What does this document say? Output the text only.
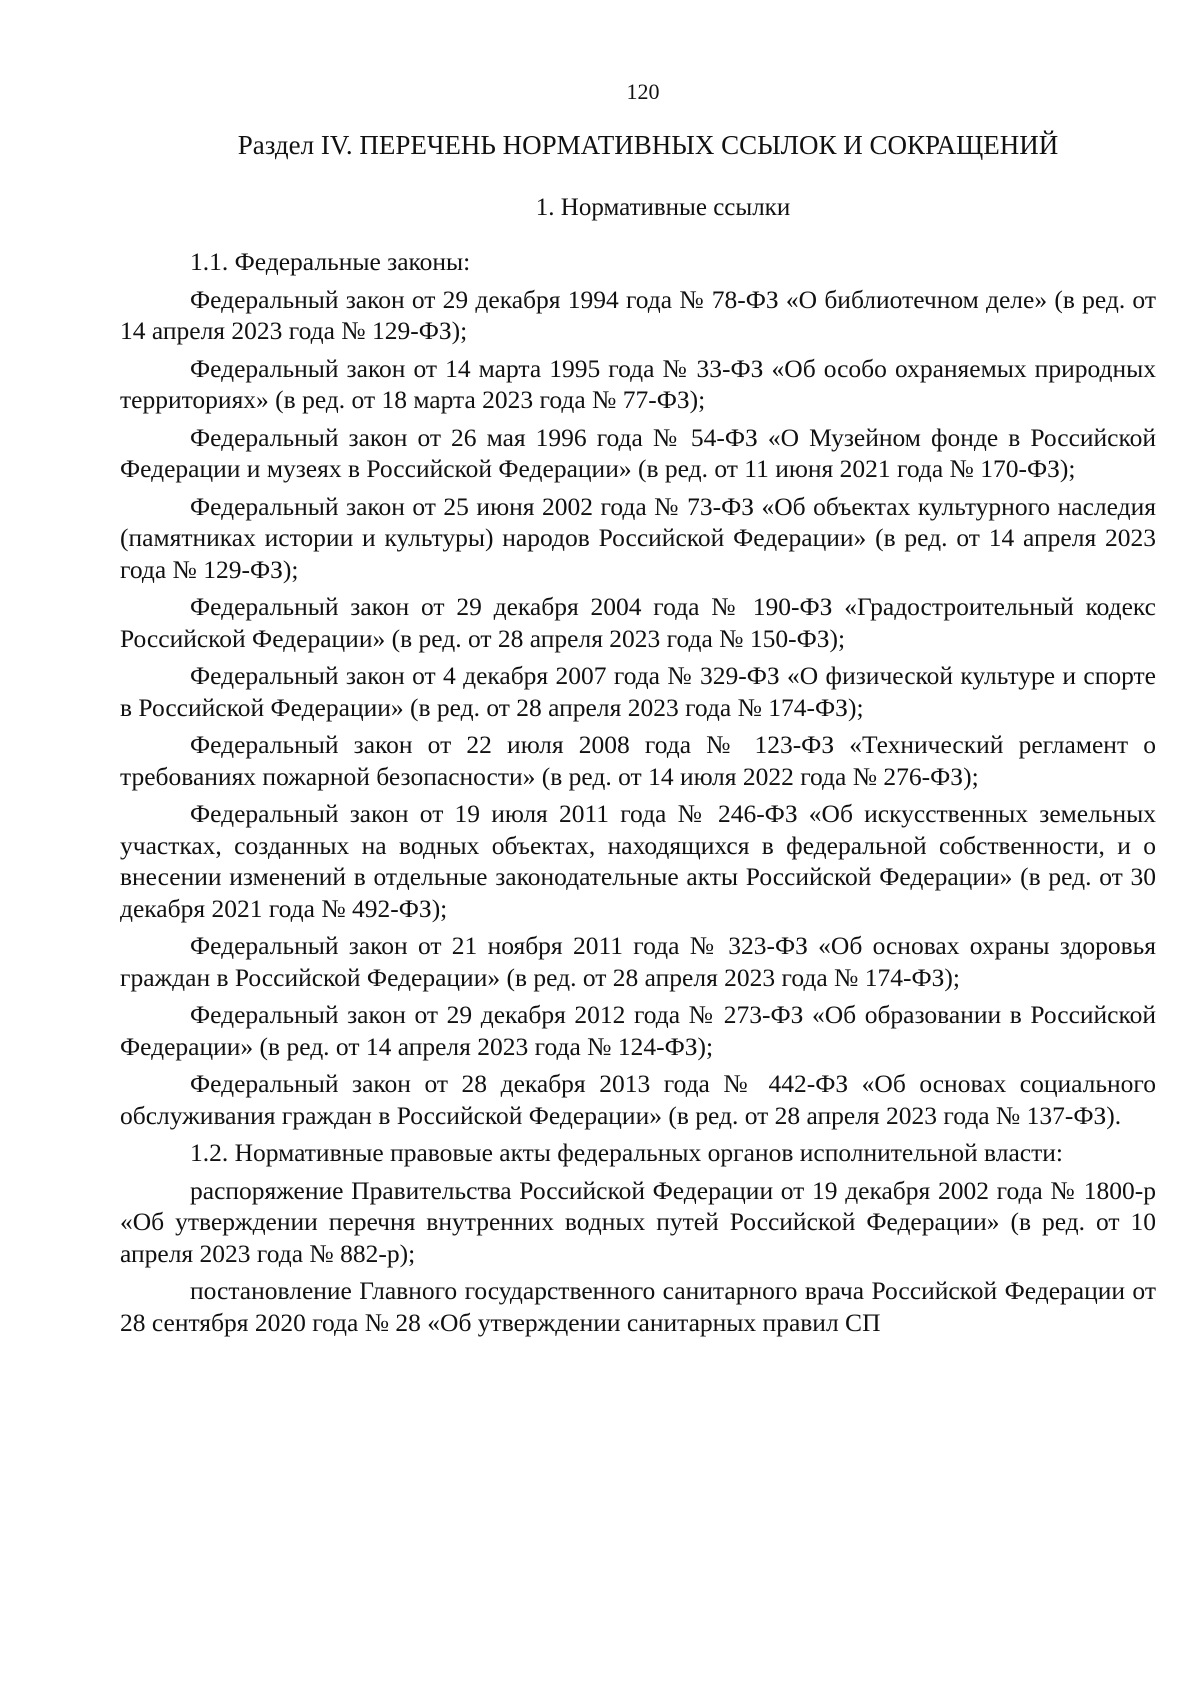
120
Раздел IV. ПЕРЕЧЕНЬ НОРМАТИВНЫХ ССЫЛОК И СОКРАЩЕНИЙ
1. Нормативные ссылки

1.1. Федеральные законы:

Федеральный закон от 29 декабря 1994 года № 78-ФЗ «О библиотечном деле» (в ред. от 14 апреля 2023 года № 129-ФЗ);

Федеральный закон от 14 марта 1995 года № 33-ФЗ «Об особо охраняемых природных территориях» (в ред. от 18 марта 2023 года № 77-ФЗ);

Федеральный закон от 26 мая 1996 года № 54-ФЗ «О Музейном фонде в Российской Федерации и музеях в Российской Федерации» (в ред. от 11 июня 2021 года № 170-ФЗ);

Федеральный закон от 25 июня 2002 года № 73-ФЗ «Об объектах культурного наследия (памятниках истории и культуры) народов Российской Федерации» (в ред. от 14 апреля 2023 года № 129-ФЗ);

Федеральный закон от 29 декабря 2004 года № 190-ФЗ «Градостроительный кодекс Российской Федерации» (в ред. от 28 апреля 2023 года № 150-ФЗ);

Федеральный закон от 4 декабря 2007 года № 329-ФЗ «О физической культуре и спорте в Российской Федерации» (в ред. от 28 апреля 2023 года № 174-ФЗ);

Федеральный закон от 22 июля 2008 года № 123-ФЗ «Технический регламент о требованиях пожарной безопасности» (в ред. от 14 июля 2022 года № 276-ФЗ);

Федеральный закон от 19 июля 2011 года № 246-ФЗ «Об искусственных земельных участках, созданных на водных объектах, находящихся в федеральной собственности, и о внесении изменений в отдельные законодательные акты Российской Федерации» (в ред. от 30 декабря 2021 года № 492-ФЗ);

Федеральный закон от 21 ноября 2011 года № 323-ФЗ «Об основах охраны здоровья граждан в Российской Федерации» (в ред. от 28 апреля 2023 года № 174-ФЗ);

Федеральный закон от 29 декабря 2012 года № 273-ФЗ «Об образовании в Российской Федерации» (в ред. от 14 апреля 2023 года № 124-ФЗ);

Федеральный закон от 28 декабря 2013 года № 442-ФЗ «Об основах социального обслуживания граждан в Российской Федерации» (в ред. от 28 апреля 2023 года № 137-ФЗ).

1.2. Нормативные правовые акты федеральных органов исполнительной власти:

распоряжение Правительства Российской Федерации от 19 декабря 2002 года № 1800-р «Об утверждении перечня внутренних водных путей Российской Федерации» (в ред. от 10 апреля 2023 года № 882-р);

постановление Главного государственного санитарного врача Российской Федерации от 28 сентября 2020 года № 28 «Об утверждении санитарных правил СП
